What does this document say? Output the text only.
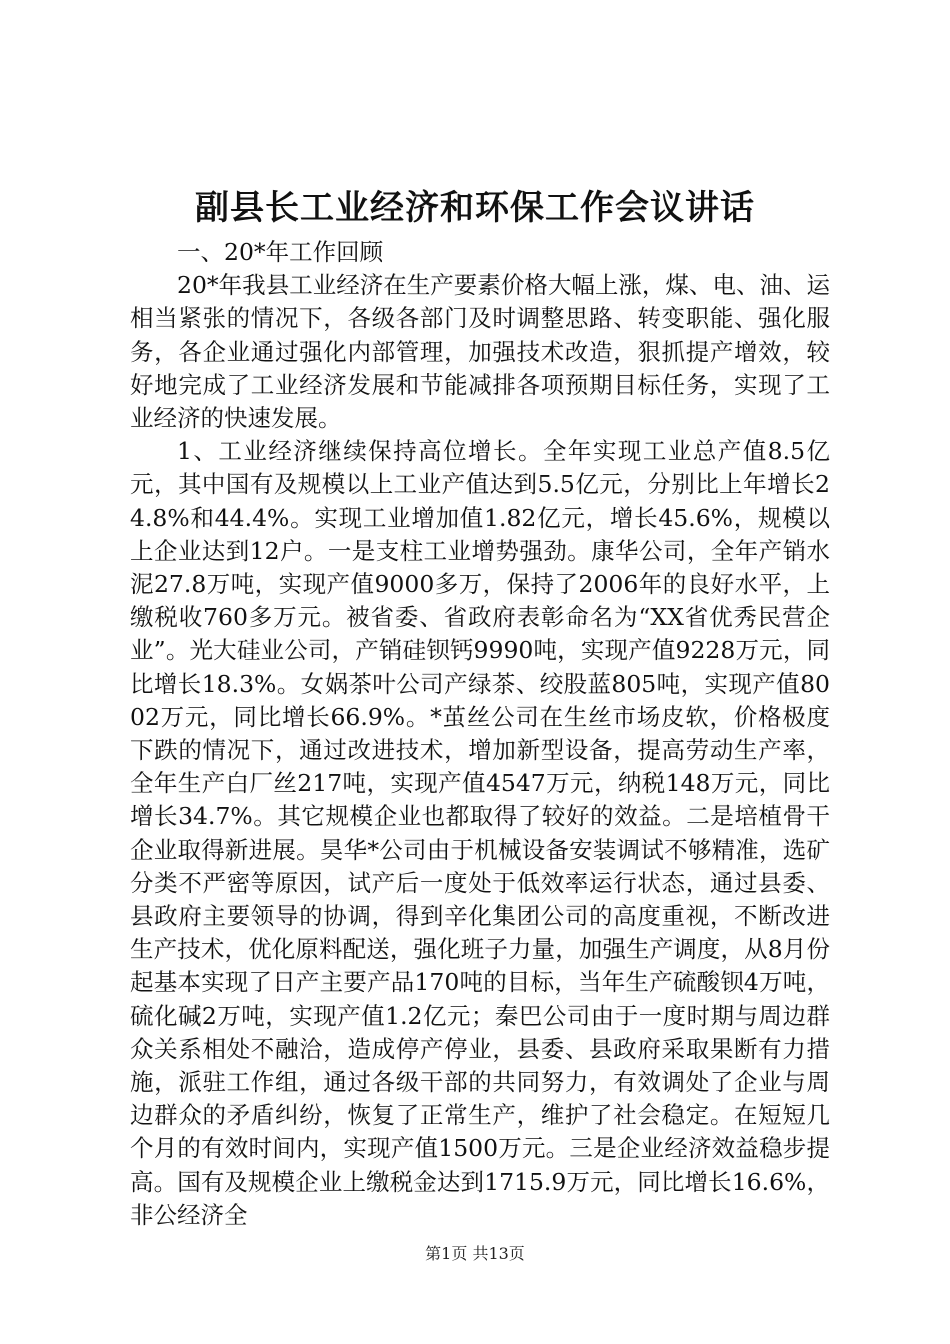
副县长工业经济和环保工作会议讲话

一、20*年工作回顾

20*年我县工业经济在生产要素价格大幅上涨，煤、电、油、运相当紧张的情况下，各级各部门及时调整思路、转变职能、强化服务，各企业通过强化内部管理，加强技术改造，狠抓提产增效，较好地完成了工业经济发展和节能减排各项预期目标任务，实现了工业经济的快速发展。

1、工业经济继续保持高位增长。全年实现工业总产值8.5亿元，其中国有及规模以上工业产值达到5.5亿元，分别比上年增长24.8%和44.4%。实现工业增加值1.82亿元，增长45.6%，规模以上企业达到12户。一是支柱工业增势强劲。康华公司，全年产销水泥27.8万吨，实现产值9000多万，保持了2006年的良好水平，上缴税收760多万元。被省委、省政府表彰命名为“XX省优秀民营企业”。光大硅业公司，产销硅钡钙9990吨，实现产值9228万元，同比增长18.3%。女娲茶叶公司产绿茶、绞股蓝805吨，实现产值8002万元，同比增长66.9%。*茧丝公司在生丝市场皮软，价格极度下跌的情况下，通过改进技术，增加新型设备，提高劳动生产率，全年生产白厂丝217吨，实现产值4547万元，纳税148万元，同比增长34.7%。其它规模企业也都取得了较好的效益。二是培植骨干企业取得新进展。昊华*公司由于机械设备安装调试不够精准，选矿分类不严密等原因，试产后一度处于低效率运行状态，通过县委、县政府主要领导的协调，得到辛化集团公司的高度重视，不断改进生产技术，优化原料配送，强化班子力量，加强生产调度，从8月份起基本实现了日产主要产品170吨的目标，当年生产硫酸钡4万吨，硫化碱2万吨，实现产值1.2亿元；秦巴公司由于一度时期与周边群众关系相处不融洽，造成停产停业，县委、县政府采取果断有力措施，派驻工作组，通过各级干部的共同努力，有效调处了企业与周边群众的矛盾纠纷，恢复了正常生产，维护了社会稳定。在短短几个月的有效时间内，实现产值1500万元。三是企业经济效益稳步提高。国有及规模企业上缴税金达到1715.9万元，同比增长16.6%，非公经济全

第1页 共13页
